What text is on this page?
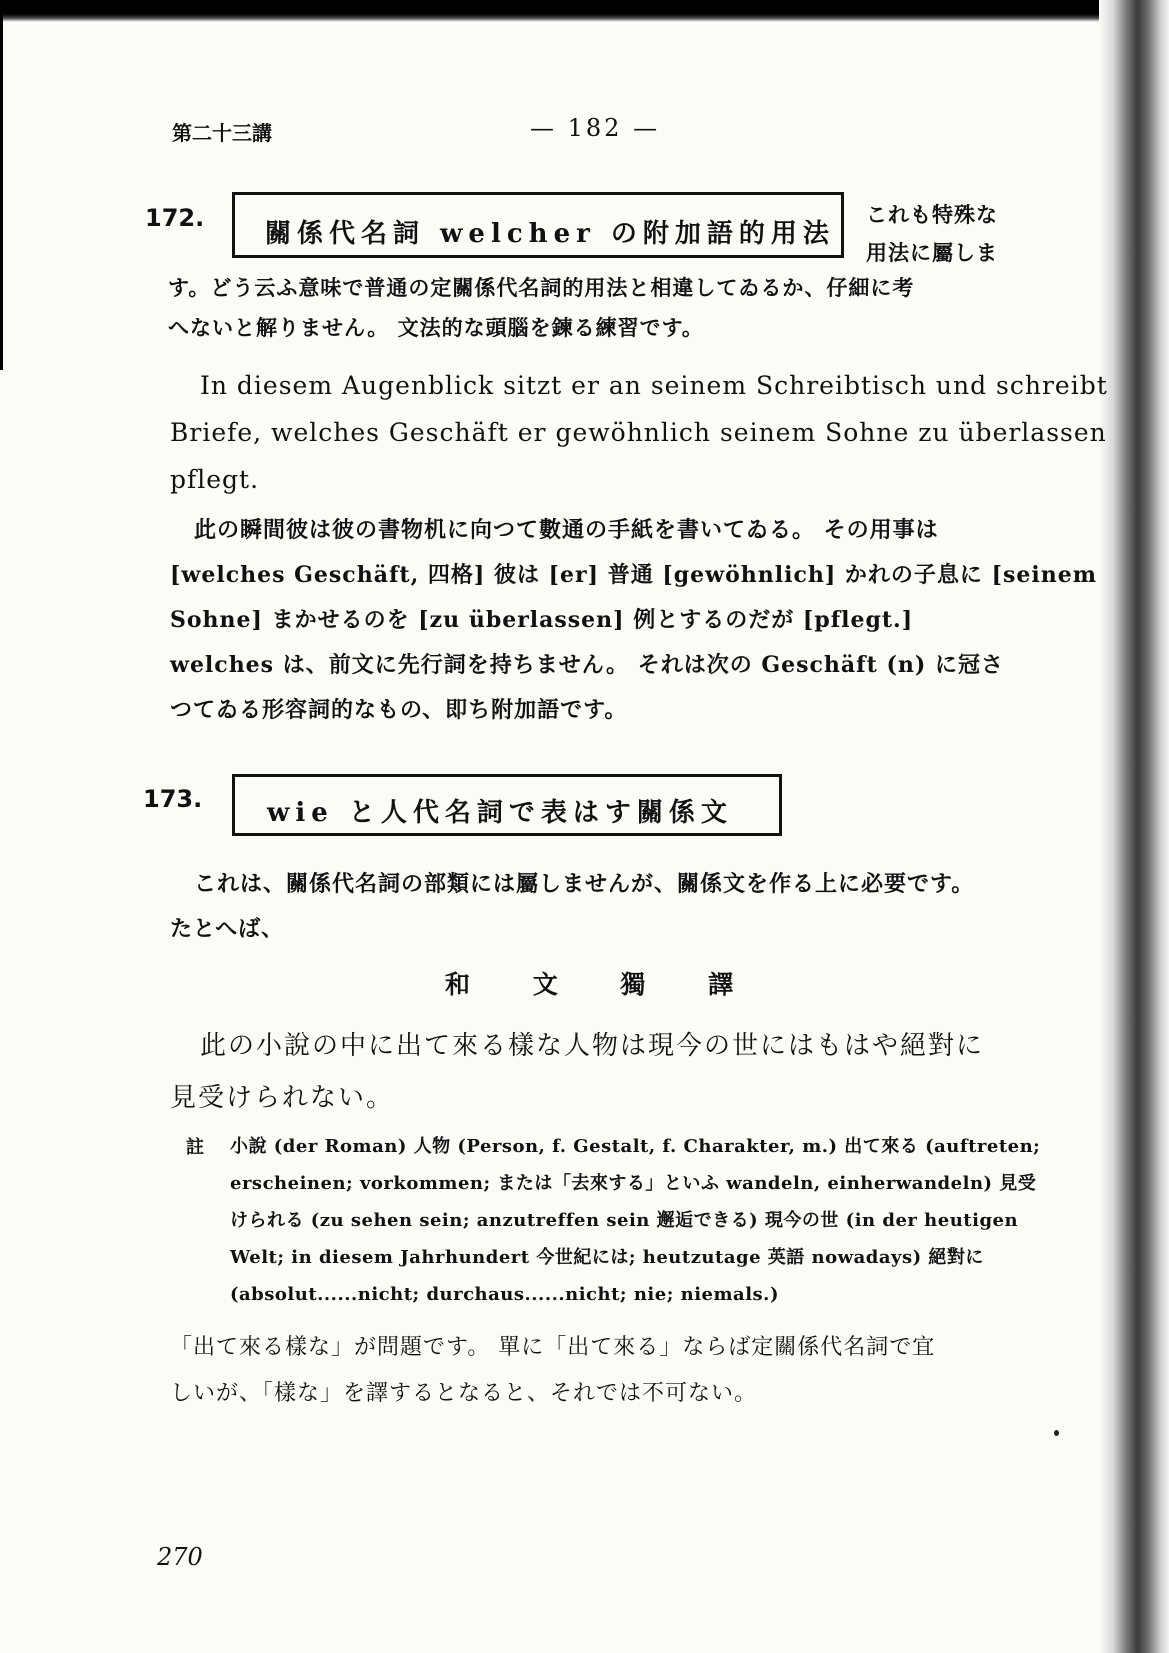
第二十三講	— 182 —
172.
關係代名詞 welcher の附加語的用法
これも特殊な
用法に屬しま
す。どう云ふ意味で普通の定關係代名詞的用法と相違してゐるか、仔細に考
へないと解りません。 文法的な頭腦を鍊る練習です。
In diesem Augenblick sitzt er an seinem Schreibtisch und schreibt
Briefe, welches Geschäft er gewöhnlich seinem Sohne zu überlassen
pflegt.
此の瞬間彼は彼の書物机に向つて數通の手紙を書いてゐる。 その用事は
[welches Geschäft, 四格] 彼は [er] 普通 [gewöhnlich] かれの子息に [seinem
Sohne] まかせるのを [zu überlassen] 例とするのだが [pflegt.]
welches は、前文に先行詞を持ちません。 それは次の Geschäft (n) に冠さ
つてゐる形容詞的なもの、即ち附加語です。
173.	wie と人代名詞で表はす關係文
これは、關係代名詞の部類には屬しませんが、關係文を作る上に必要です。
たとへば、
和 文 獨 譯
此の小說の中に出て來る樣な人物は現今の世にはもはや絕對に
見受けられない。
註 小說 (der Roman) 人物 (Person, f. Gestalt, f. Charakter, m.) 出て來る (auftreten;
erscheinen; vorkommen; または「去來する」といふ wandeln, einherwandeln) 見受
けられる (zu sehen sein; anzutreffen sein 邂逅できる) 現今の世 (in der heutigen
Welt; in diesem Jahrhundert 今世紀には; heutzutage 英語 nowadays) 絕對に
(absolut......nicht; durchaus......nicht; nie; niemals.)
「出て來る樣な」が問題です。 單に「出て來る」ならば定關係代名詞で宜
しいが、「樣な」を譯するとなると、それでは不可ない。
270
